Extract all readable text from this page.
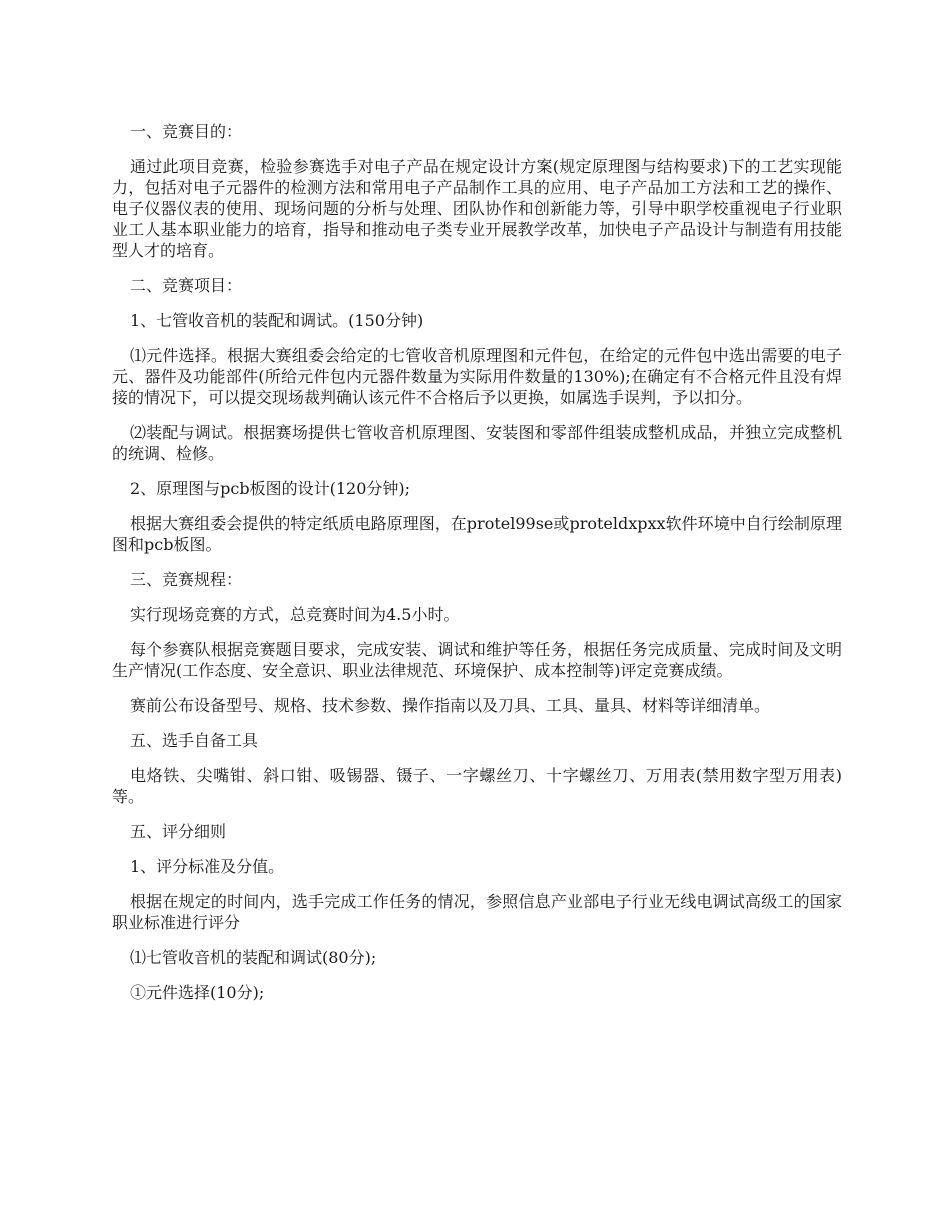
一、竞赛目的：

通过此项目竞赛，检验参赛选手对电子产品在规定设计方案(规定原理图与结构要求)下的工艺实现能力，包括对电子元器件的检测方法和常用电子产品制作工具的应用、电子产品加工方法和工艺的操作、电子仪器仪表的使用、现场问题的分析与处理、团队协作和创新能力等，引导中职学校重视电子行业职业工人基本职业能力的培育，指导和推动电子类专业开展教学改革，加快电子产品设计与制造有用技能型人才的培育。

二、竞赛项目：

1、七管收音机的装配和调试。(150分钟)

⑴元件选择。根据大赛组委会给定的七管收音机原理图和元件包，在给定的元件包中选出需要的电子元、器件及功能部件(所给元件包内元器件数量为实际用件数量的130%);在确定有不合格元件且没有焊接的情况下，可以提交现场裁判确认该元件不合格后予以更换，如属选手误判，予以扣分。

⑵装配与调试。根据赛场提供七管收音机原理图、安装图和零部件组装成整机成品，并独立完成整机的统调、检修。

2、原理图与pcb板图的设计(120分钟);

根据大赛组委会提供的特定纸质电路原理图，在protel99se或proteldxpxx软件环境中自行绘制原理图和pcb板图。

三、竞赛规程：

实行现场竞赛的方式，总竞赛时间为4.5小时。

每个参赛队根据竞赛题目要求，完成安装、调试和维护等任务，根据任务完成质量、完成时间及文明生产情况(工作态度、安全意识、职业法律规范、环境保护、成本控制等)评定竞赛成绩。

赛前公布设备型号、规格、技术参数、操作指南以及刀具、工具、量具、材料等详细清单。

五、选手自备工具

电烙铁、尖嘴钳、斜口钳、吸锡器、镊子、一字螺丝刀、十字螺丝刀、万用表(禁用数字型万用表)等。

五、评分细则

1、评分标准及分值。

根据在规定的时间内，选手完成工作任务的情况，参照信息产业部电子行业无线电调试高级工的国家职业标准进行评分

⑴七管收音机的装配和调试(80分);

①元件选择(10分);
